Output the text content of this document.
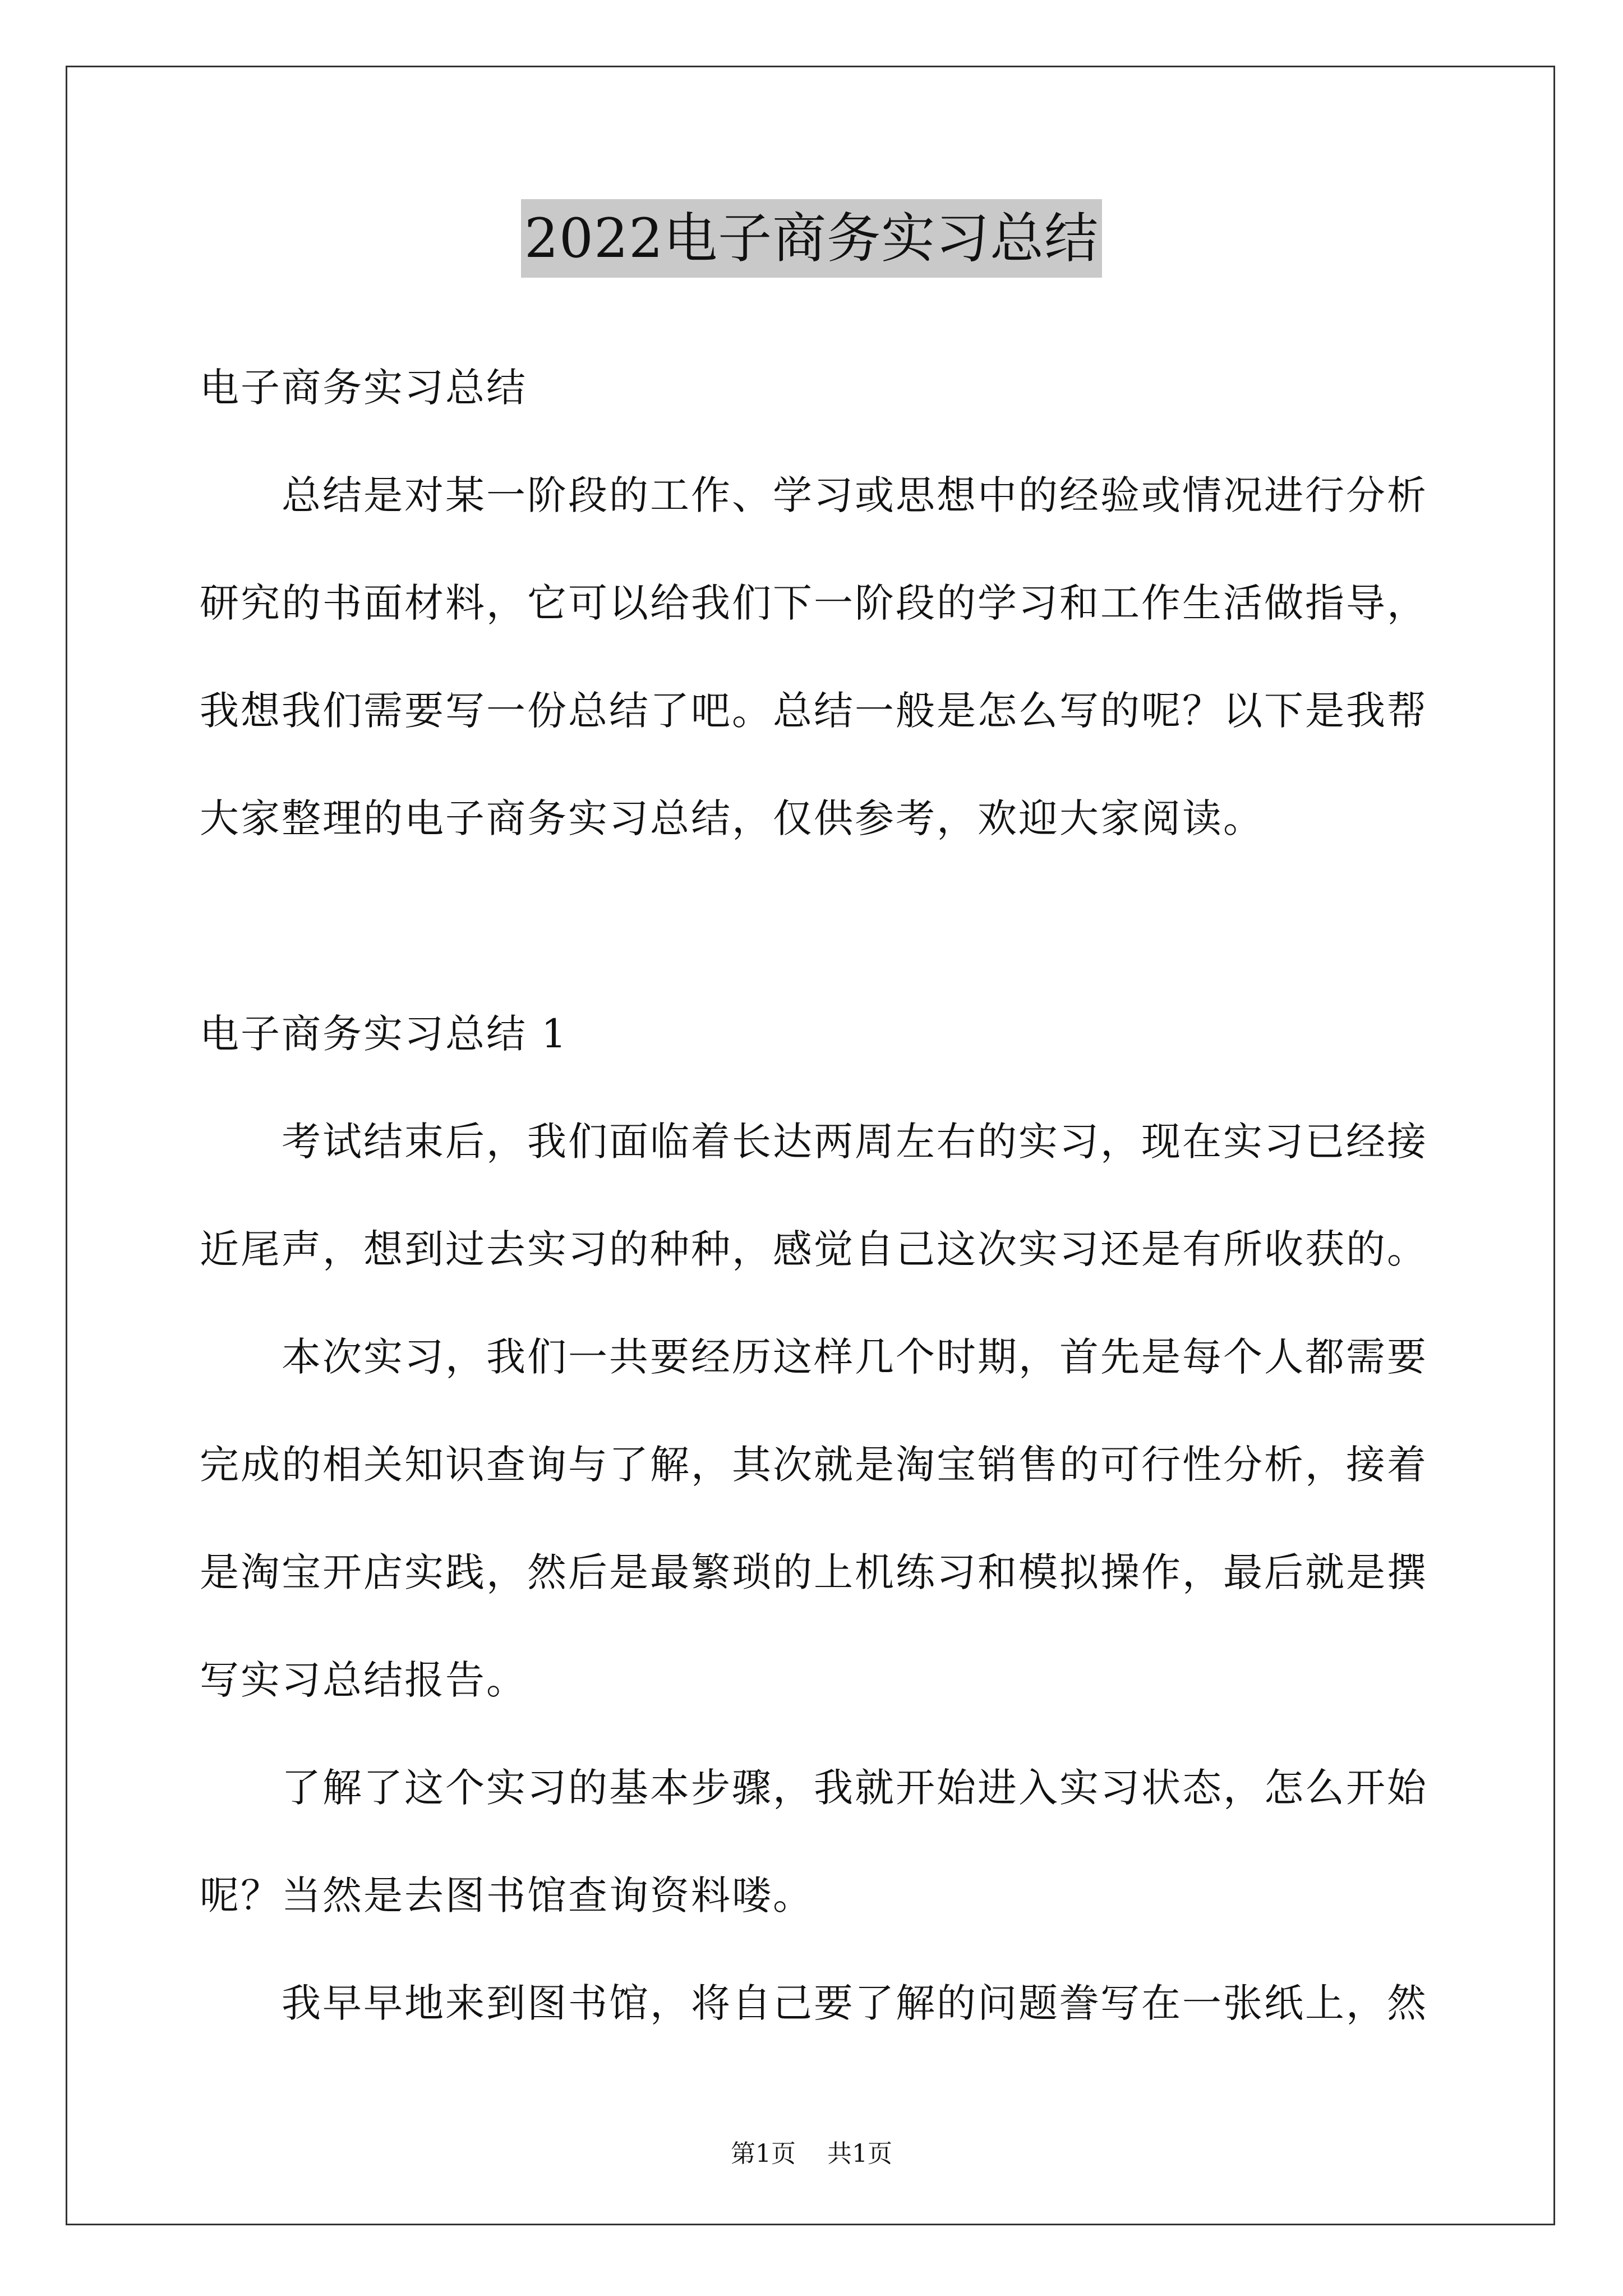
2022电子商务实习总结
电子商务实习总结
总结是对某一阶段的工作、学习或思想中的经验或情况进行分析
研究的书面材料，它可以给我们下一阶段的学习和工作生活做指导，
我想我们需要写一份总结了吧。总结一般是怎么写的呢？以下是我帮
大家整理的电子商务实习总结，仅供参考，欢迎大家阅读。
电子商务实习总结 1
考试结束后，我们面临着长达两周左右的实习，现在实习已经接
近尾声，想到过去实习的种种，感觉自己这次实习还是有所收获的。
本次实习，我们一共要经历这样几个时期，首先是每个人都需要
完成的相关知识查询与了解，其次就是淘宝销售的可行性分析，接着
是淘宝开店实践，然后是最繁琐的上机练习和模拟操作，最后就是撰
写实习总结报告。
了解了这个实习的基本步骤，我就开始进入实习状态，怎么开始
呢？当然是去图书馆查询资料喽。
我早早地来到图书馆，将自己要了解的问题誊写在一张纸上，然
第1页 共1页
